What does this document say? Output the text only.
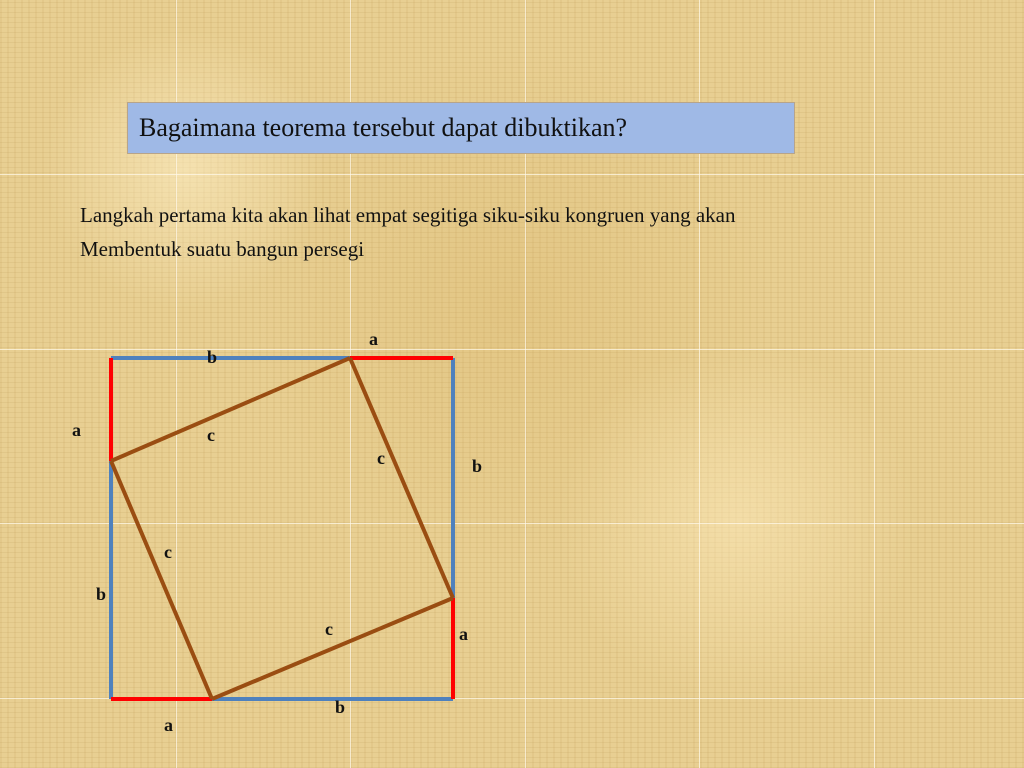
Bagaimana teorema tersebut dapat dibuktikan?
Langkah pertama kita akan lihat empat segitiga siku-siku kongruen yang akan
Membentuk suatu bangun persegi
b
a
a	c
c	b
c
b
c	a
b
a
